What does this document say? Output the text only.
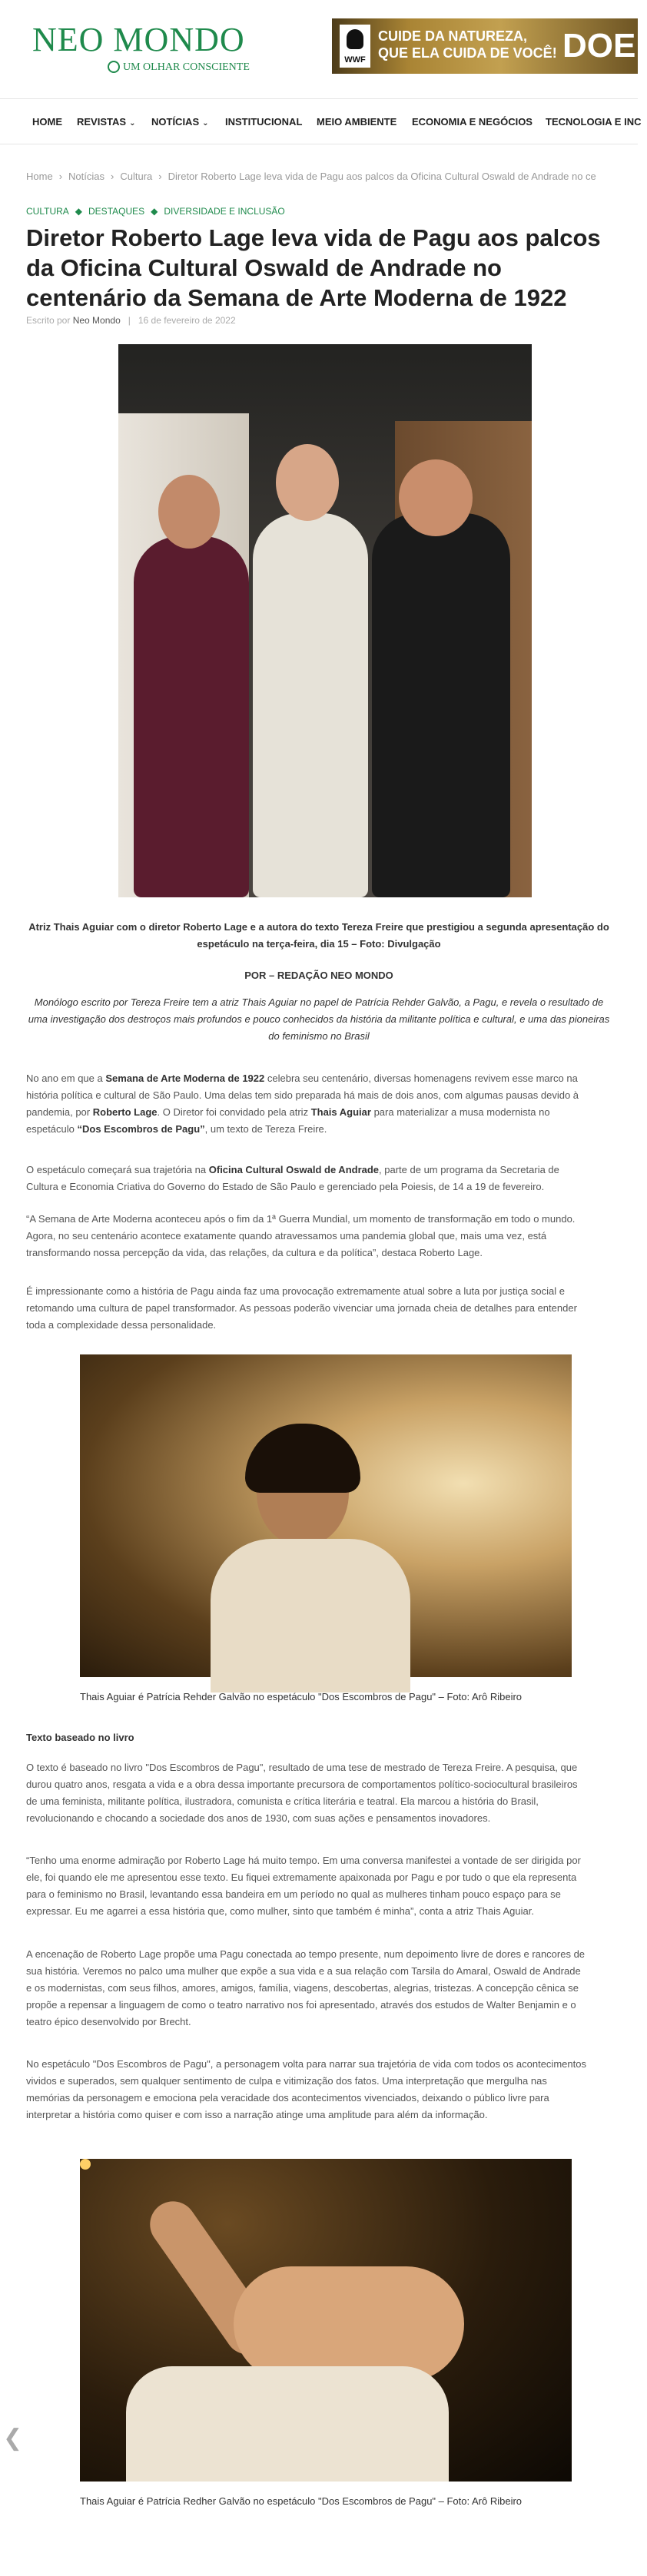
NEO MONDO
UM OLHAR CONSCIENTE
WWF
CUIDE DA NATUREZA,
QUE ELA CUIDA DE VOCÊ! DOE!
HOME REVISTAS ⌄ NOTÍCIAS ⌄ INSTITUCIONAL MEIO AMBIENTE ECONOMIA E NEGÓCIOS TECNOLOGIA E INC
Home › Notícias › Cultura › Diretor Roberto Lage leva vida de Pagu aos palcos da Oficina Cultural Oswald de Andrade no ce
CULTURA ◆ DESTAQUES ◆ DIVERSIDADE E INCLUSÃO
Diretor Roberto Lage leva vida de Pagu aos palcos da Oficina Cultural Oswald de Andrade no centenário da Semana de Arte Moderna de 1922
Escrito por Neo Mondo | 16 de fevereiro de 2022
Atriz Thais Aguiar com o diretor Roberto Lage e a autora do texto Tereza Freire que prestigiou a segunda apresentação do espetáculo na terça-feira, dia 15 – Foto: Divulgação
POR – REDAÇÃO NEO MONDO
Monólogo escrito por Tereza Freire tem a atriz Thais Aguiar no papel de Patrícia Rehder Galvão, a Pagu, e revela o resultado de uma investigação dos destroços mais profundos e pouco conhecidos da história da militante política e cultural, e uma das pioneiras do feminismo no Brasil
No ano em que a Semana de Arte Moderna de 1922 celebra seu centenário, diversas homenagens revivem esse marco na história política e cultural de São Paulo. Uma delas tem sido preparada há mais de dois anos, com algumas pausas devido à pandemia, por Roberto Lage. O Diretor foi convidado pela atriz Thais Aguiar para materializar a musa modernista no espetáculo “Dos Escombros de Pagu”, um texto de Tereza Freire.
O espetáculo começará sua trajetória na Oficina Cultural Oswald de Andrade, parte de um programa da Secretaria de Cultura e Economia Criativa do Governo do Estado de São Paulo e gerenciado pela Poiesis, de 14 a 19 de fevereiro.
“A Semana de Arte Moderna aconteceu após o fim da 1ª Guerra Mundial, um momento de transformação em todo o mundo. Agora, no seu centenário acontece exatamente quando atravessamos uma pandemia global que, mais uma vez, está transformando nossa percepção da vida, das relações, da cultura e da política”, destaca Roberto Lage.
É impressionante como a história de Pagu ainda faz uma provocação extremamente atual sobre a luta por justiça social e retomando uma cultura de papel transformador. As pessoas poderão vivenciar uma jornada cheia de detalhes para entender toda a complexidade dessa personalidade.
Thais Aguiar é Patrícia Rehder Galvão no espetáculo "Dos Escombros de Pagu" – Foto: Arô Ribeiro
Texto baseado no livro
O texto é baseado no livro "Dos Escombros de Pagu", resultado de uma tese de mestrado de Tereza Freire. A pesquisa, que durou quatro anos, resgata a vida e a obra dessa importante precursora de comportamentos político-sociocultural brasileiros de uma feminista, militante política, ilustradora, comunista e crítica literária e teatral. Ela marcou a história do Brasil, revolucionando e chocando a sociedade dos anos de 1930, com suas ações e pensamentos inovadores.
“Tenho uma enorme admiração por Roberto Lage há muito tempo. Em uma conversa manifestei a vontade de ser dirigida por ele, foi quando ele me apresentou esse texto. Eu fiquei extremamente apaixonada por Pagu e por tudo o que ela representa para o feminismo no Brasil, levantando essa bandeira em um período no qual as mulheres tinham pouco espaço para se expressar. Eu me agarrei a essa história que, como mulher, sinto que também é minha”, conta a atriz Thais Aguiar.
A encenação de Roberto Lage propõe uma Pagu conectada ao tempo presente, num depoimento livre de dores e rancores de sua história. Veremos no palco uma mulher que expõe a sua vida e a sua relação com Tarsila do Amaral, Oswald de Andrade e os modernistas, com seus filhos, amores, amigos, família, viagens, descobertas, alegrias, tristezas. A concepção cênica se propõe a repensar a linguagem de como o teatro narrativo nos foi apresentado, através dos estudos de Walter Benjamin e o teatro épico desenvolvido por Brecht.
No espetáculo "Dos Escombros de Pagu", a personagem volta para narrar sua trajetória de vida com todos os acontecimentos vividos e superados, sem qualquer sentimento de culpa e vitimização dos fatos. Uma interpretação que mergulha nas memórias da personagem e emociona pela veracidade dos acontecimentos vivenciados, deixando o público livre para interpretar a história como quiser e com isso a narração atinge uma amplitude para além da informação.
Thais Aguiar é Patrícia Redher Galvão no espetáculo "Dos Escombros de Pagu" – Foto: Arô Ribeiro
❮
